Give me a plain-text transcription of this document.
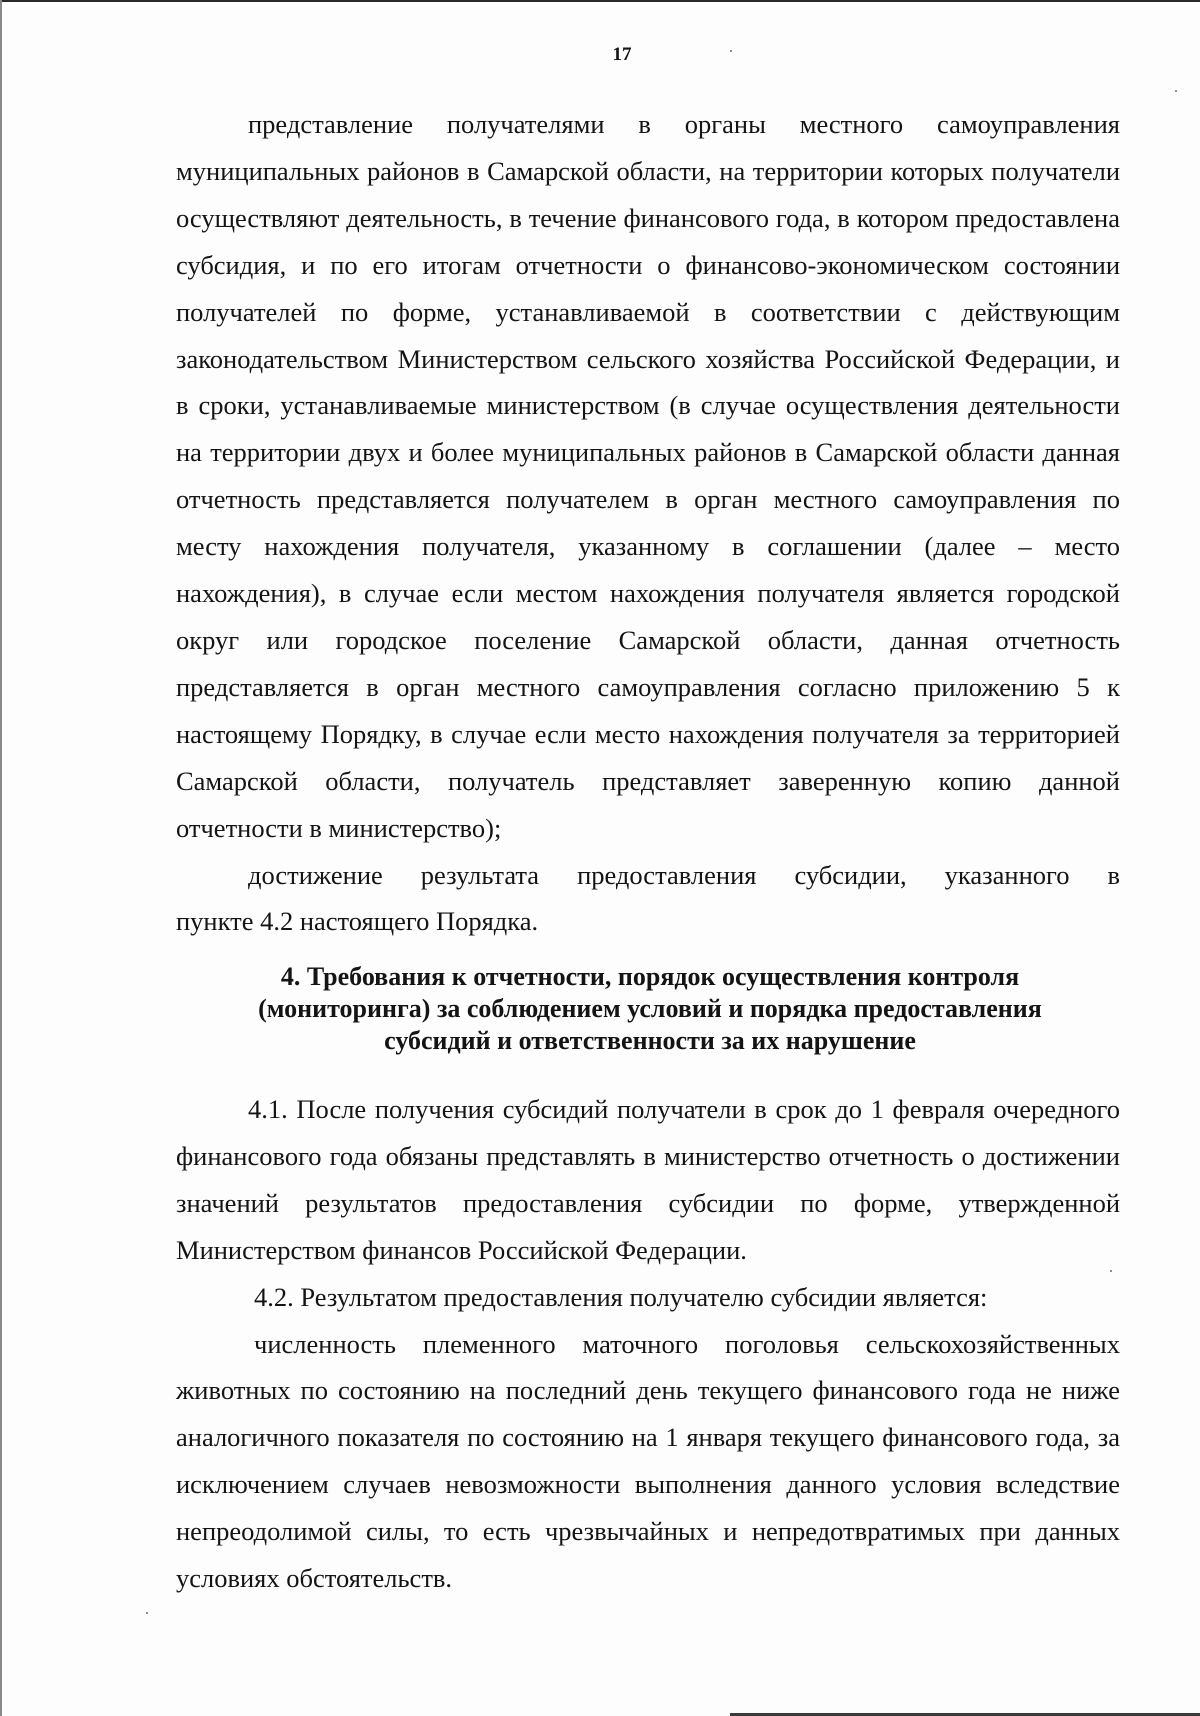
17

представление получателями в органы местного самоуправления муниципальных районов в Самарской области, на территории которых получатели осуществляют деятельность, в течение финансового года, в котором предоставлена субсидия, и по его итогам отчетности о финансово-экономическом состоянии получателей по форме, устанавливаемой в соответствии с действующим законодательством Министерством сельского хозяйства Российской Федерации, и в сроки, устанавливаемые министерством (в случае осуществления деятельности на территории двух и более муниципальных районов в Самарской области данная отчетность представляется получателем в орган местного самоуправления по месту нахождения получателя, указанному в соглашении (далее – место нахождения), в случае если местом нахождения получателя является городской округ или городское поселение Самарской области, данная отчетность представляется в орган местного самоуправления согласно приложению 5 к настоящему Порядку, в случае если место нахождения получателя за территорией Самарской области, получатель представляет заверенную копию данной отчетности в министерство);

достижение результата предоставления субсидии, указанного в

пункте 4.2 настоящего Порядка.

4. Требования к отчетности, порядок осуществления контроля
(мониторинга) за соблюдением условий и порядка предоставления
субсидий и ответственности за их нарушение

4.1. После получения субсидий получатели в срок до 1 февраля очередного финансового года обязаны представлять в министерство отчетность о достижении значений результатов предоставления субсидии по форме, утвержденной Министерством финансов Российской Федерации.

4.2. Результатом предоставления получателю субсидии является:

численность племенного маточного поголовья сельскохозяйственных животных по состоянию на последний день текущего финансового года не ниже аналогичного показателя по состоянию на 1 января текущего финансового года, за исключением случаев невозможности выполнения данного условия вследствие непреодолимой силы, то есть чрезвычайных и непредотвратимых при данных условиях обстоятельств.
